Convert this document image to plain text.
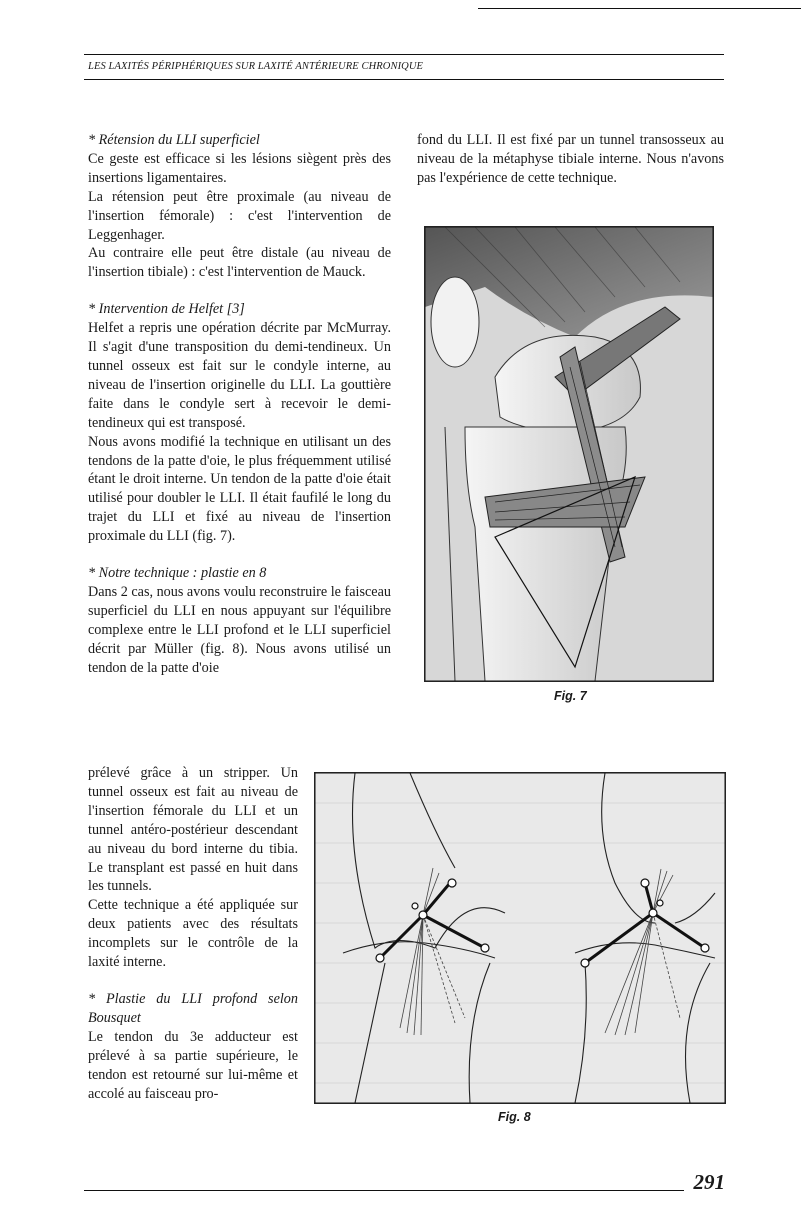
LES LAXITÉS PÉRIPHÉRIQUES SUR LAXITÉ ANTÉRIEURE CHRONIQUE

* Rétension du LLI superficiel

Ce geste est efficace si les lésions siègent près des insertions ligamentaires.

La rétension peut être proximale (au niveau de l'insertion fémorale) : c'est l'intervention de Leggenhager.

Au contraire elle peut être distale (au niveau de l'insertion tibiale) : c'est l'intervention de Mauck.

* Intervention de Helfet [3]

Helfet a repris une opération décrite par McMurray. Il s'agit d'une transposition du demi-tendineux. Un tunnel osseux est fait sur le condyle interne, au niveau de l'insertion originelle du LLI. La gouttière faite dans le condyle sert à recevoir le demi-tendineux qui est transposé.

Nous avons modifié la technique en utilisant un des tendons de la patte d'oie, le plus fréquemment utilisé étant le droit interne. Un tendon de la patte d'oie était utilisé pour doubler le LLI. Il était faufilé le long du trajet du LLI et fixé au niveau de l'insertion proximale du LLI (fig. 7).

* Notre technique : plastie en 8

Dans 2 cas, nous avons voulu reconstruire le faisceau superficiel du LLI en nous appuyant sur l'équilibre complexe entre le LLI profond et le LLI superficiel décrit par Müller (fig. 8). Nous avons utilisé un tendon de la patte d'oie

prélevé grâce à un stripper. Un tunnel osseux est fait au niveau de l'insertion fémorale du LLI et un tunnel antéro-postérieur descendant au niveau du bord interne du tibia. Le transplant est passé en huit dans les tunnels.

Cette technique a été appliquée sur deux patients avec des résultats incomplets sur le contrôle de la laxité interne.

* Plastie du LLI profond selon Bousquet

Le tendon du 3e adducteur est prélevé à sa partie supérieure, le tendon est retourné sur lui-même et accolé au faisceau pro-

fond du LLI. Il est fixé par un tunnel transosseux au niveau de la métaphyse tibiale interne. Nous n'avons pas l'expérience de cette technique.

Fig. 7
Fig. 8
291
